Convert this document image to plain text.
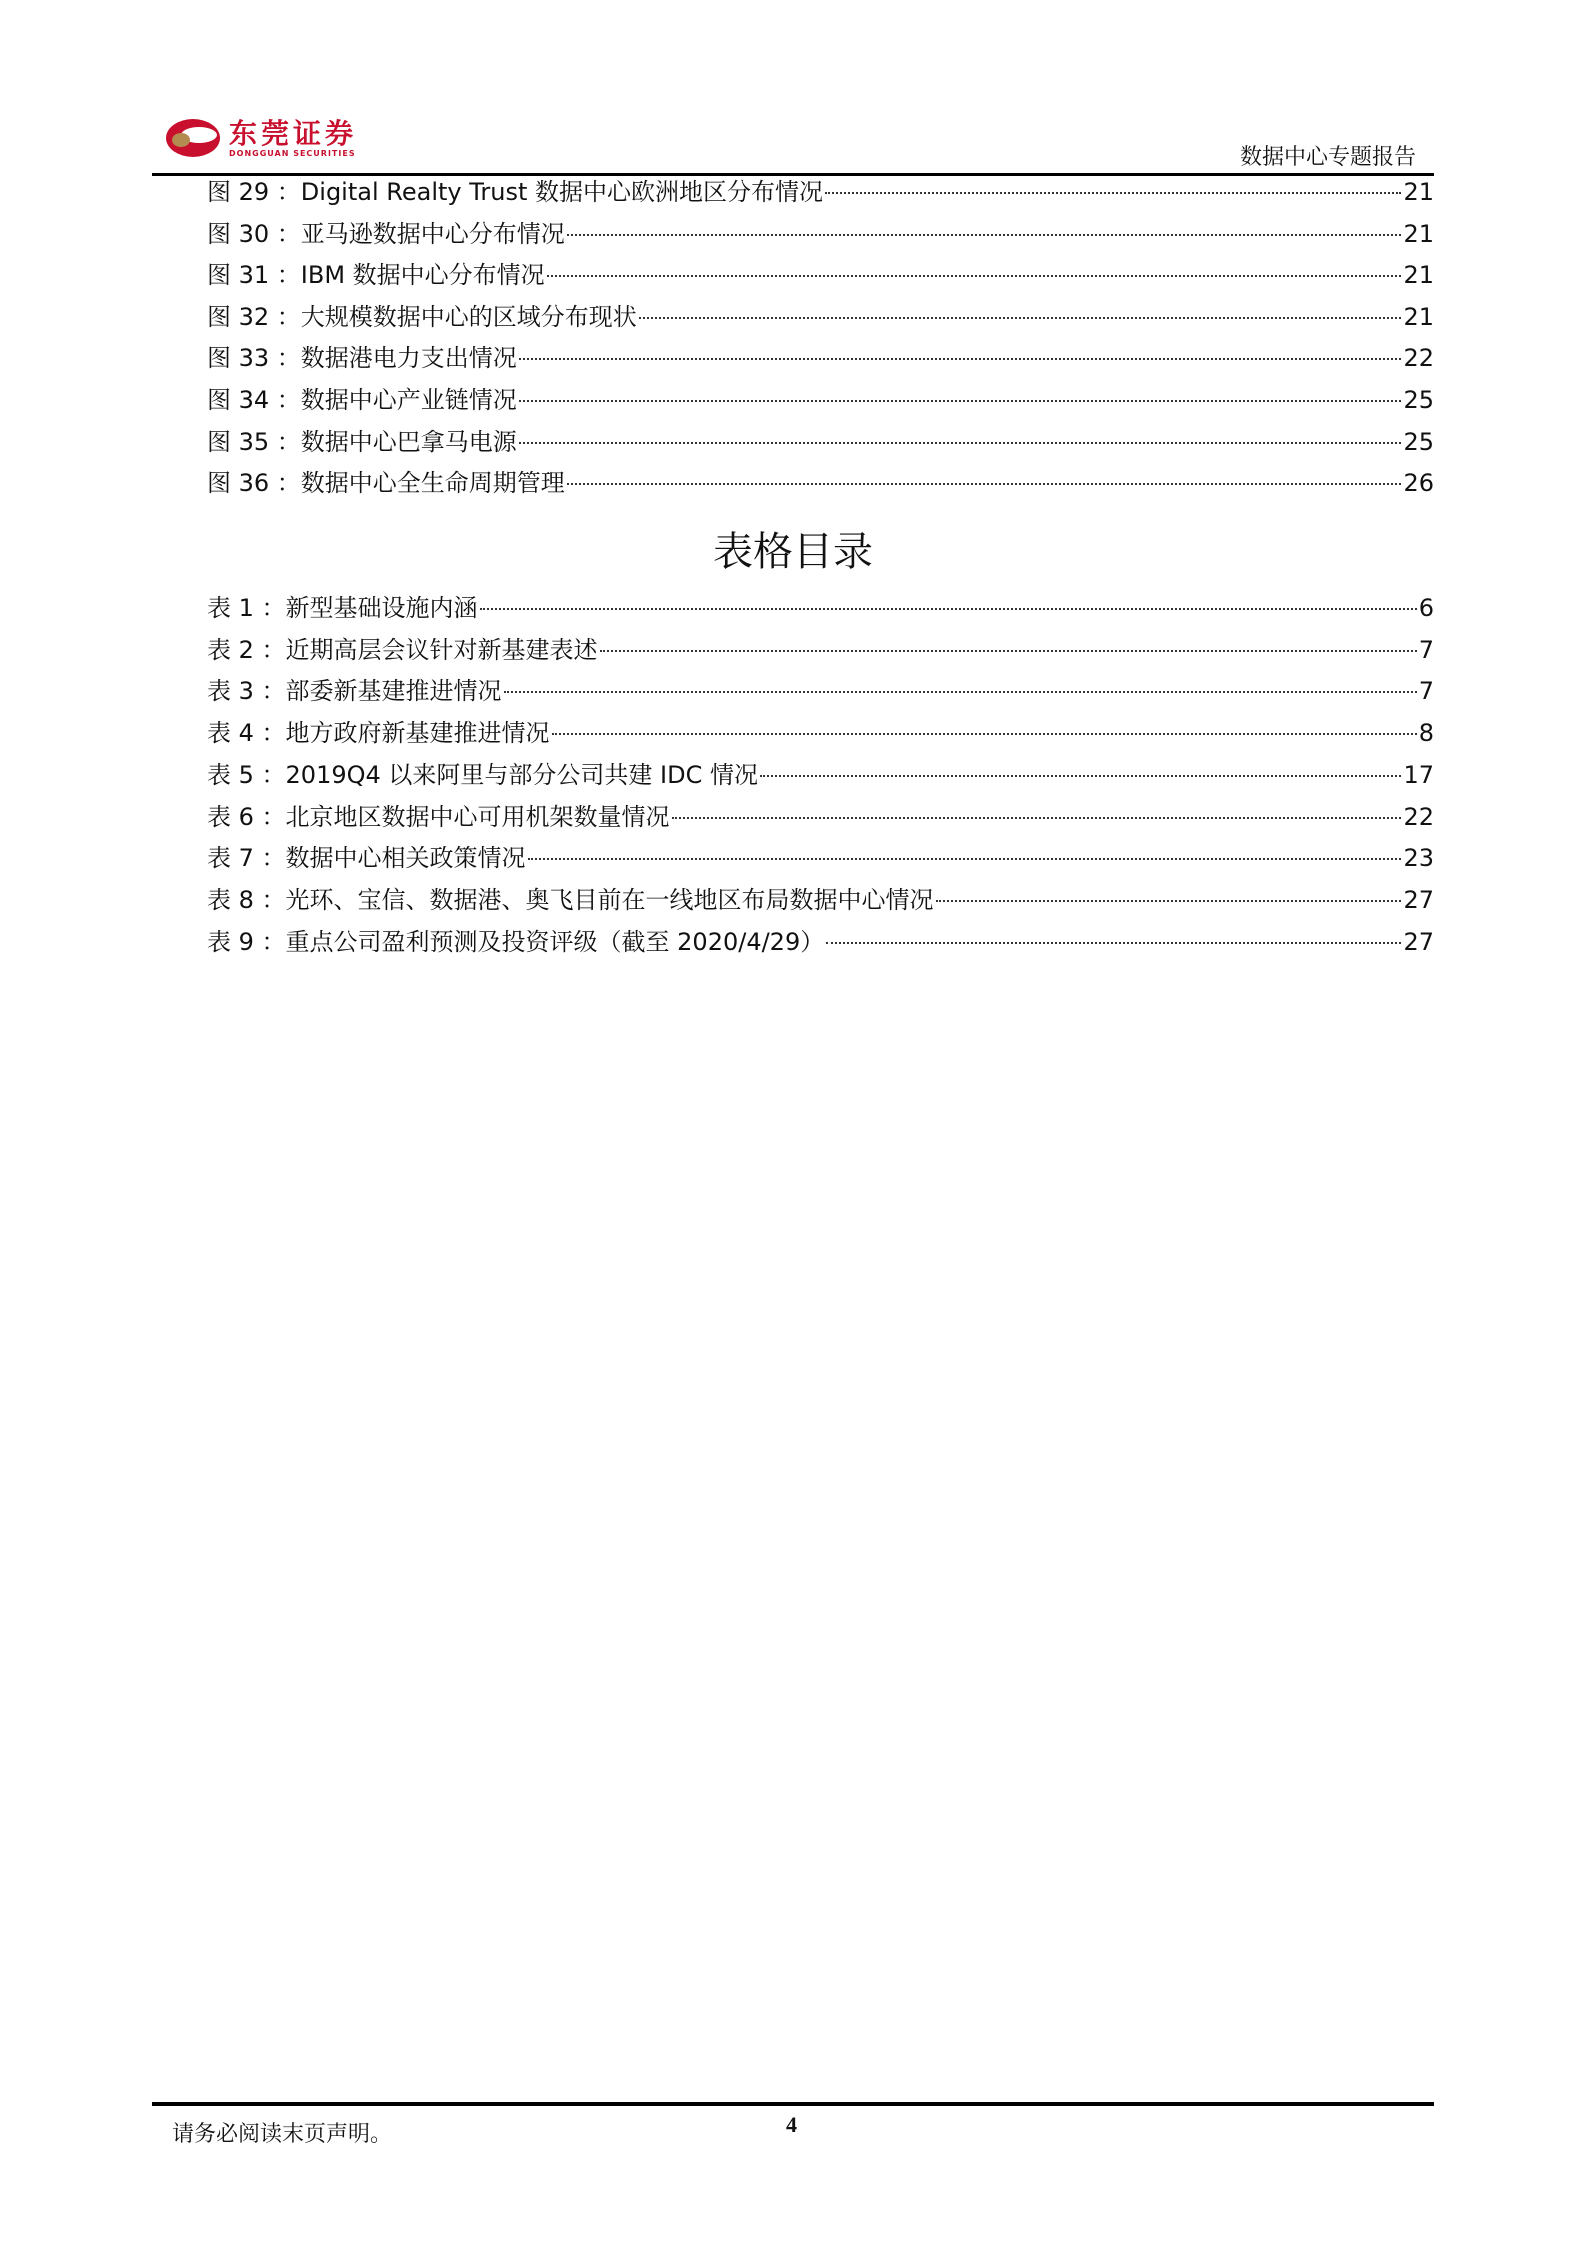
东莞证券
DONGGUAN SECURITIES	数据中心专题报告
图 29 ： Digital Realty Trust 数据中心欧洲地区分布情况	21
图 30 ： 亚马逊数据中心分布情况	21
图 31 ： IBM 数据中心分布情况	21
图 32 ： 大规模数据中心的区域分布现状	21
图 33 ： 数据港电力支出情况	22
图 34 ： 数据中心产业链情况	25
图 35 ： 数据中心巴拿马电源	25
图 36 ： 数据中心全生命周期管理	26
表格目录
表 1 ： 新型基础设施内涵	6
表 2 ： 近期高层会议针对新基建表述	7
表 3 ： 部委新基建推进情况	7
表 4 ： 地方政府新基建推进情况	8
表 5 ： 2019Q4 以来阿里与部分公司共建 IDC 情况	17
表 6 ： 北京地区数据中心可用机架数量情况	22
表 7 ： 数据中心相关政策情况	23
表 8 ： 光环、宝信、数据港、奥飞目前在一线地区布局数据中心情况	27
表 9 ： 重点公司盈利预测及投资评级（截至 2020/4/29）	27
请务必阅读末页声明。	4
